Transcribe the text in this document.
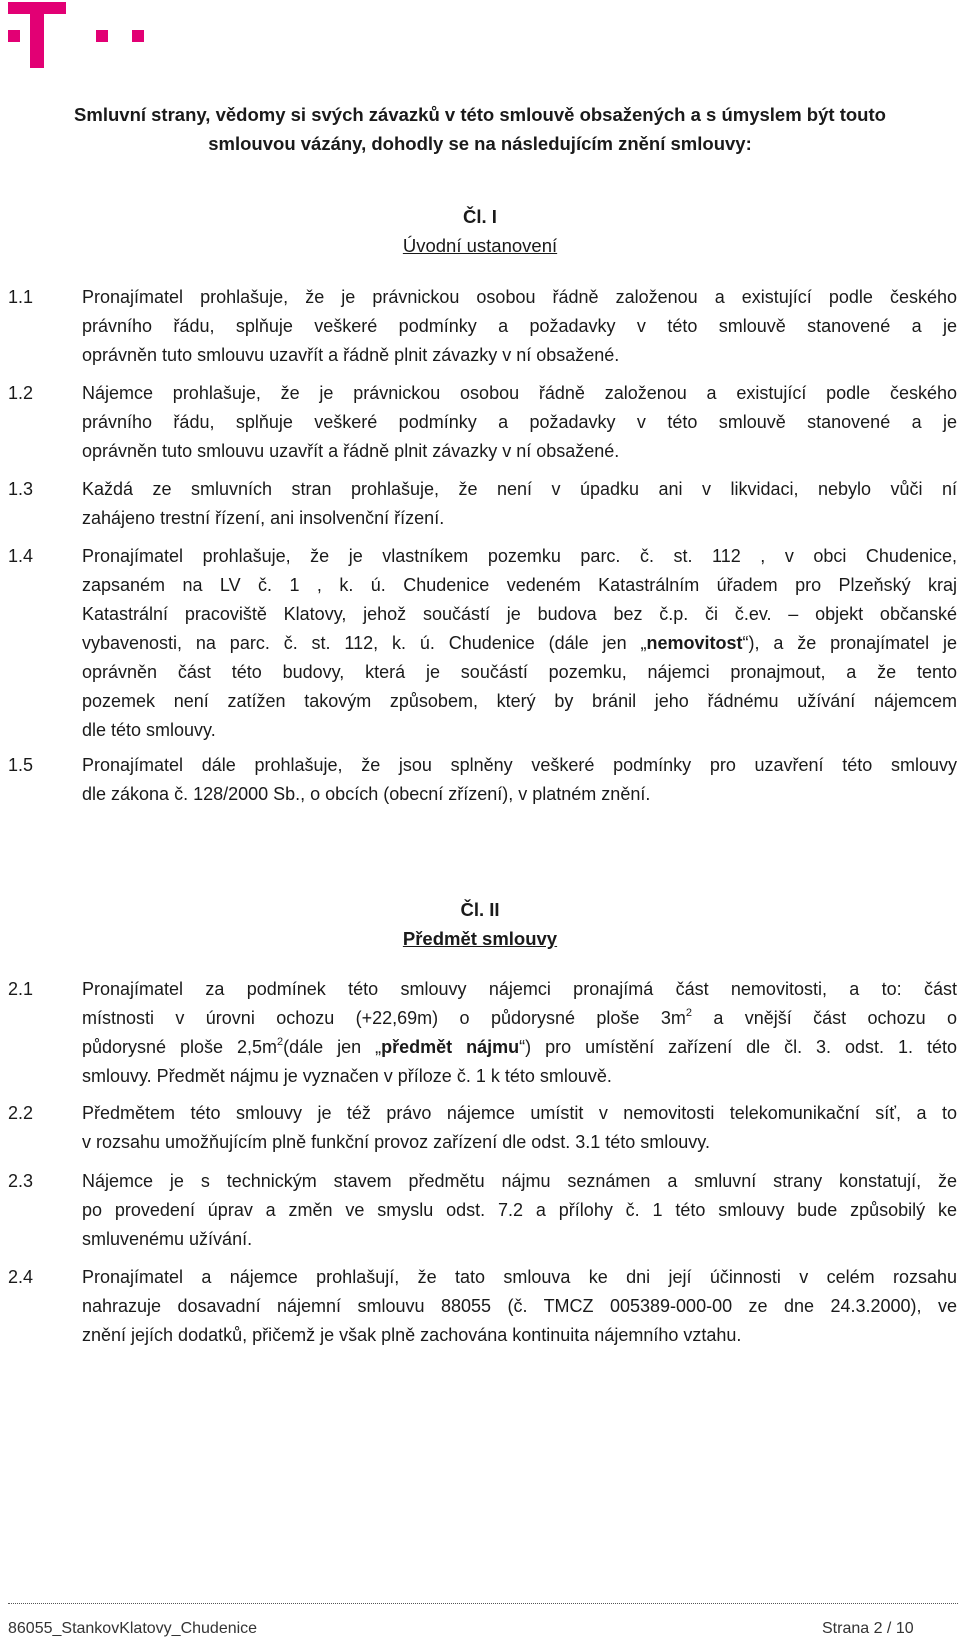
Smluvní strany, vědomy si svých závazků v této smlouvě obsažených a s úmyslem být touto
smlouvou vázány, dohodly se na následujícím znění smlouvy:
Čl. I
Úvodní ustanovení
1.1	Pronajímatel prohlašuje, že je právnickou osobou řádně založenou a existující podle českého
právního řádu, splňuje veškeré podmínky a požadavky v této smlouvě stanovené a je
oprávněn tuto smlouvu uzavřít a řádně plnit závazky v ní obsažené.
1.2	Nájemce prohlašuje, že je právnickou osobou řádně založenou a existující podle českého
právního řádu, splňuje veškeré podmínky a požadavky v této smlouvě stanovené a je
oprávněn tuto smlouvu uzavřít a řádně plnit závazky v ní obsažené.
1.3	Každá ze smluvních stran prohlašuje, že není v úpadku ani v likvidaci, nebylo vůči ní
zahájeno trestní řízení, ani insolvenční řízení.
1.4	Pronajímatel prohlašuje, že je vlastníkem pozemku parc. č. st. 112 , v obci Chudenice,
zapsaném na LV č. 1 , k. ú. Chudenice vedeném Katastrálním úřadem pro Plzeňský kraj
Katastrální pracoviště Klatovy, jehož součástí je budova bez č.p. či č.ev. – objekt občanské
vybavenosti, na parc. č. st. 112, k. ú. Chudenice (dále jen „nemovitost“), a že pronajímatel je
oprávněn část této budovy, která je součástí pozemku, nájemci pronajmout, a že tento
pozemek není zatížen takovým způsobem, který by bránil jeho řádnému užívání nájemcem
dle této smlouvy.
1.5	Pronajímatel dále prohlašuje, že jsou splněny veškeré podmínky pro uzavření této smlouvy
dle zákona č. 128/2000 Sb., o obcích (obecní zřízení), v platném znění.
Čl. II
Předmět smlouvy
2.1	Pronajímatel za podmínek této smlouvy nájemci pronajímá část nemovitosti, a to: část
místnosti v úrovni ochozu (+22,69m) o půdorysné ploše $3m^2$ a vnější část ochozu o
půdorysné ploše $2,5m^2(dále$ jen „předmět nájmu“) pro umístění zařízení dle čl. 3. odst. 1. této
smlouvy. Předmět nájmu je vyznačen v příloze č. 1 k této smlouvě.
2.2	Předmětem této smlouvy je též právo nájemce umístit v nemovitosti telekomunikační síť, a to
v rozsahu umožňujícím plně funkční provoz zařízení dle odst. 3.1 této smlouvy.
2.3	Nájemce je s technickým stavem předmětu nájmu seznámen a smluvní strany konstatují, že
po provedení úprav a změn ve smyslu odst. 7.2 a přílohy č. 1 této smlouvy bude způsobilý ke
smluvenému užívání.
2.4	Pronajímatel a nájemce prohlašují, že tato smlouva ke dni její účinnosti v celém rozsahu
nahrazuje dosavadní nájemní smlouvu 88055 (č. TMCZ 005389-000-00 ze dne 24.3.2000), ve
znění jejích dodatků, přičemž je však plně zachována kontinuita nájemního vztahu.
86055_StankovKlatovy_Chudenice	Strana 2 / 10
